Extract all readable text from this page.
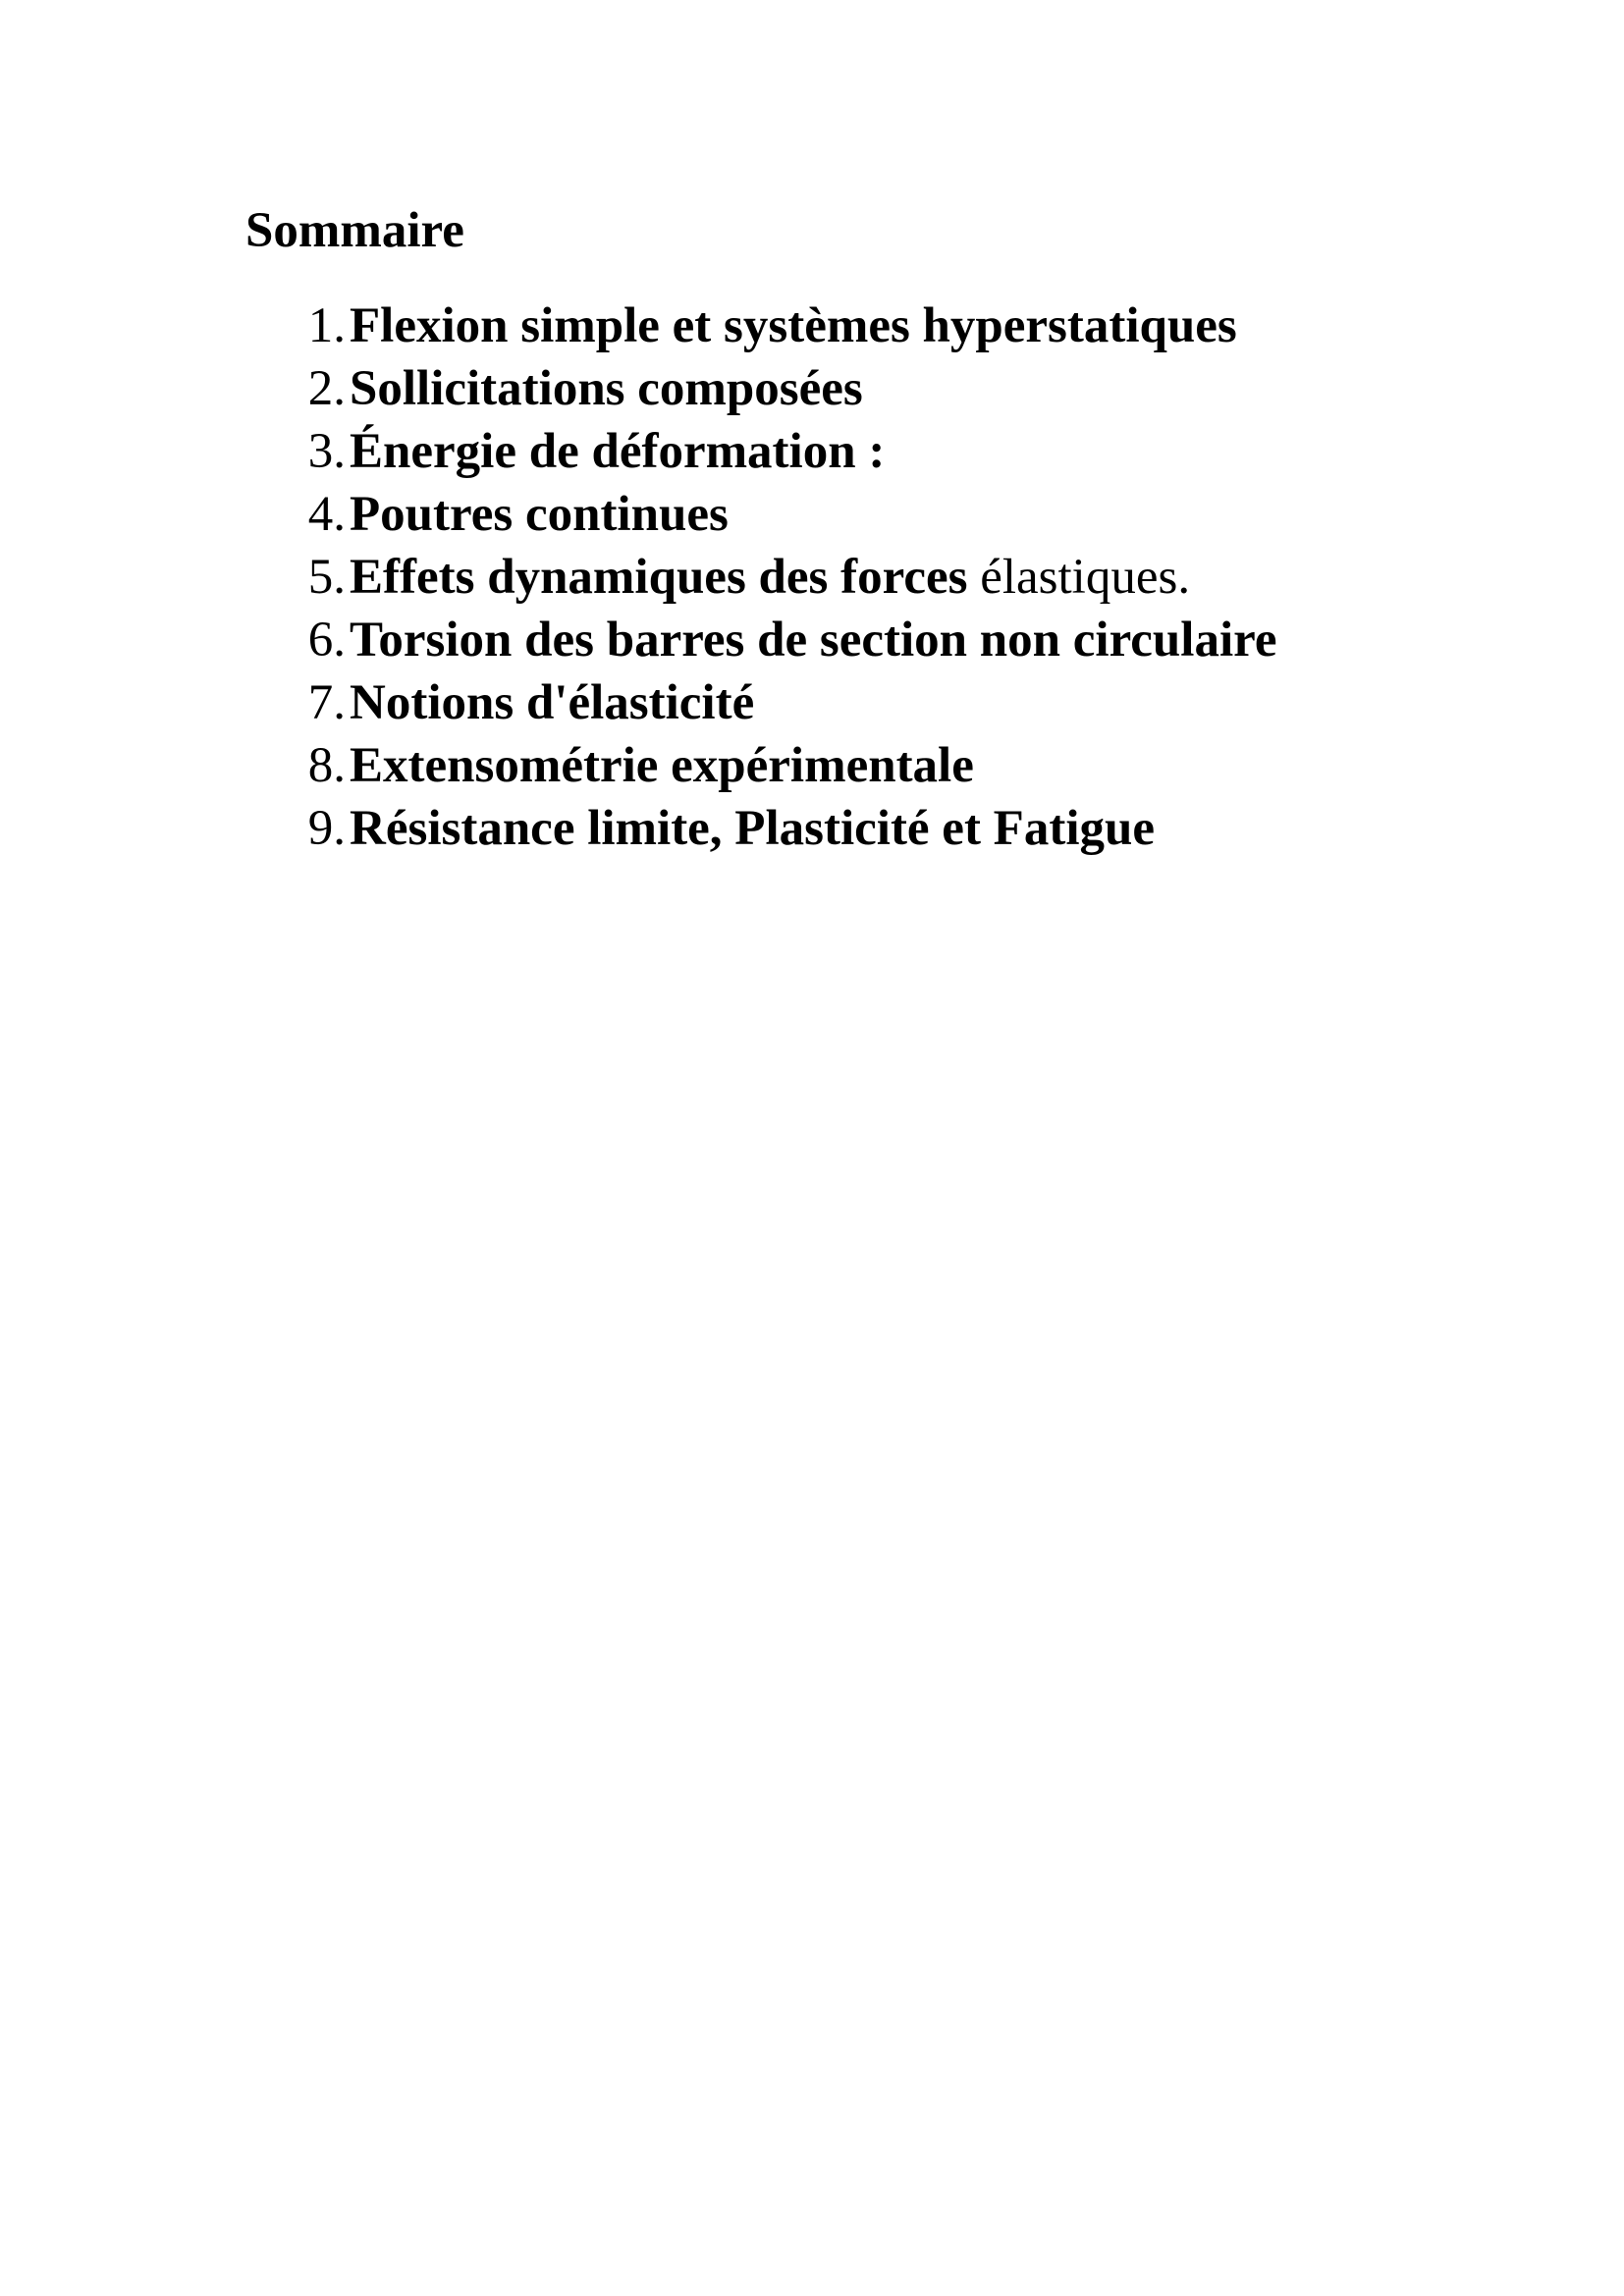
Sommaire
1. Flexion simple et systèmes hyperstatiques
2. Sollicitations composées
3. Énergie de déformation :
4. Poutres continues
5. Effets dynamiques des forces élastiques.
6. Torsion des barres de section non circulaire
7. Notions d'élasticité
8. Extensométrie expérimentale
9. Résistance limite, Plasticité et Fatigue
